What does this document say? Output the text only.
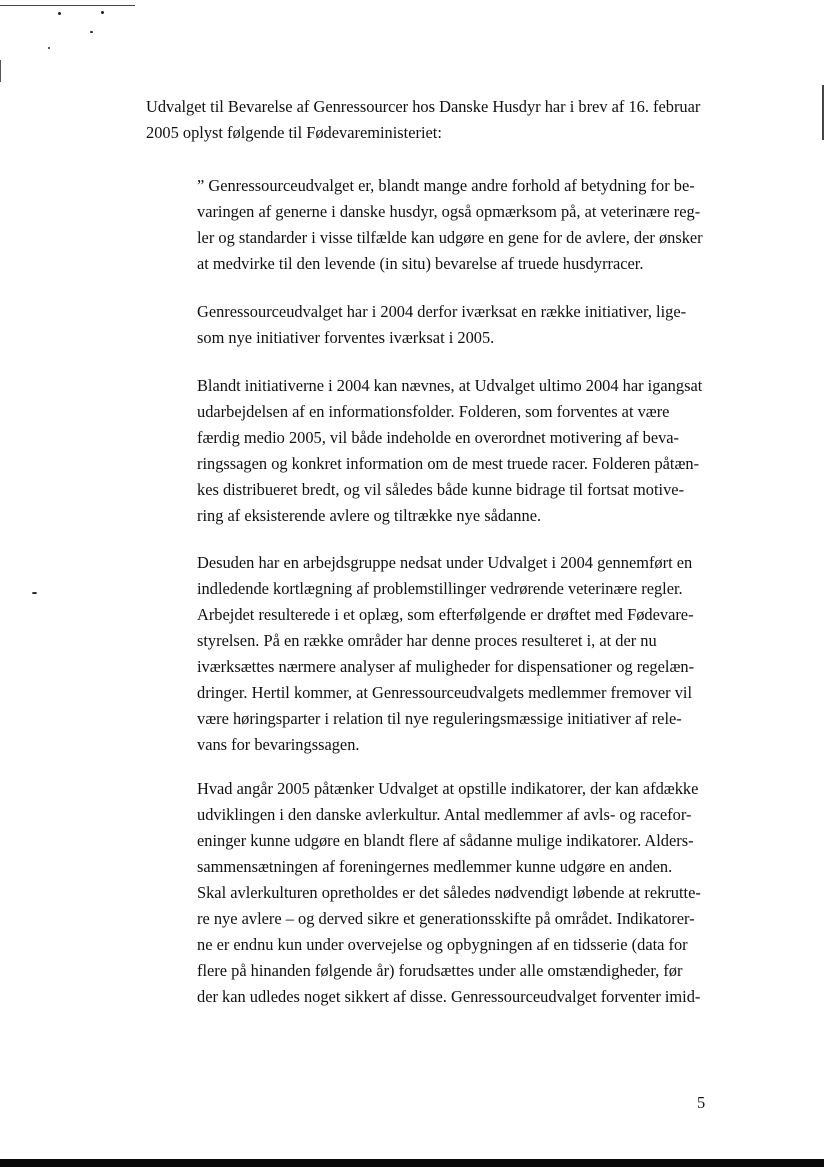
Udvalget til Bevarelse af Genressourcer hos Danske Husdyr har i brev af 16. februar
2005 oplyst følgende til Fødevareministeriet:
” Genressourceudvalget er, blandt mange andre forhold af betydning for be-
varingen af generne i danske husdyr, også opmærksom på, at veterinære reg-
ler og standarder i visse tilfælde kan udgøre en gene for de avlere, der ønsker
at medvirke til den levende (in situ) bevarelse af truede husdyrracer.
Genressourceudvalget har i 2004 derfor iværksat en række initiativer, lige-
som nye initiativer forventes iværksat i 2005.
Blandt initiativerne i 2004 kan nævnes, at Udvalget ultimo 2004 har igangsat
udarbejdelsen af en informationsfolder. Folderen, som forventes at være
færdig medio 2005, vil både indeholde en overordnet motivering af beva-
ringssagen og konkret information om de mest truede racer. Folderen påtæn-
kes distribueret bredt, og vil således både kunne bidrage til fortsat motive-
ring af eksisterende avlere og tiltrække nye sådanne.
Desuden har en arbejdsgruppe nedsat under Udvalget i 2004 gennemført en
indledende kortlægning af problemstillinger vedrørende veterinære regler.
Arbejdet resulterede i et oplæg, som efterfølgende er drøftet med Fødevare-
styrelsen. På en række områder har denne proces resulteret i, at der nu
iværksættes nærmere analyser af muligheder for dispensationer og regelæn-
dringer. Hertil kommer, at Genressourceudvalgets medlemmer fremover vil
være høringsparter i relation til nye reguleringsmæssige initiativer af rele-
vans for bevaringssagen.
Hvad angår 2005 påtænker Udvalget at opstille indikatorer, der kan afdække
udviklingen i den danske avlerkultur. Antal medlemmer af avls- og racefor-
eninger kunne udgøre en blandt flere af sådanne mulige indikatorer. Alders-
sammensætningen af foreningernes medlemmer kunne udgøre en anden.
Skal avlerkulturen opretholdes er det således nødvendigt løbende at rekrutte-
re nye avlere – og derved sikre et generationsskifte på området. Indikatorer-
ne er endnu kun under overvejelse og opbygningen af en tidsserie (data for
flere på hinanden følgende år) forudsættes under alle omstændigheder, før
der kan udledes noget sikkert af disse. Genressourceudvalget forventer imid-
5
